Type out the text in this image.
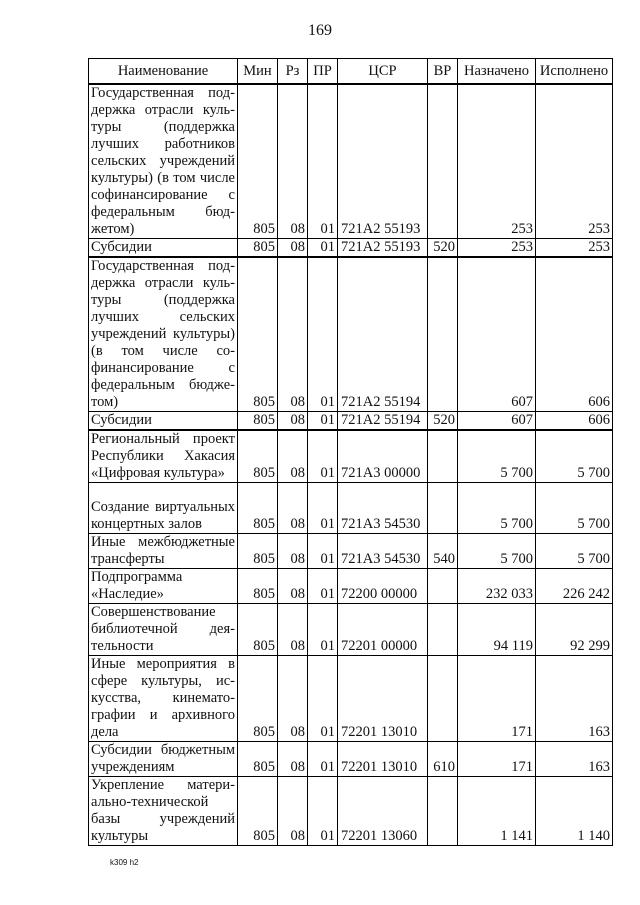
169
Наименование	Мин	Рз	ПР	ЦСР	ВР	Назначено	Исполнено
Государственная поддержка отрасли культуры (поддержка лучших работников сельских учреждений культуры) (в том числе софинансирование с федеральным бюджетом)	805	08	01	721A2 55193		253	253
Субсидии	805	08	01	721A2 55193	520	253	253
Государственная поддержка отрасли культуры (поддержка лучших сельских учреждений культуры) (в том числе софинансирование с федеральным бюджетом)	805	08	01	721A2 55194		607	606
Субсидии	805	08	01	721A2 55194	520	607	606
Региональный проект Республики Хакасия «Цифровая культура»	805	08	01	721A3 00000		5 700	5 700
Создание виртуальных концертных залов	805	08	01	721A3 54530		5 700	5 700
Иные межбюджетные трансферты	805	08	01	721A3 54530	540	5 700	5 700
Подпрограмма «Наследие»	805	08	01	72200 00000		232 033	226 242
Совершенствование библиотечной деятельности	805	08	01	72201 00000		94 119	92 299
Иные мероприятия в сфере культуры, искусства, кинематографии и архивного дела	805	08	01	72201 13010		171	163
Субсидии бюджетным учреждениям	805	08	01	72201 13010	610	171	163
Укрепление материально-технической базы учреждений культуры	805	08	01	72201 13060		1 141	1 140
k309 h2
